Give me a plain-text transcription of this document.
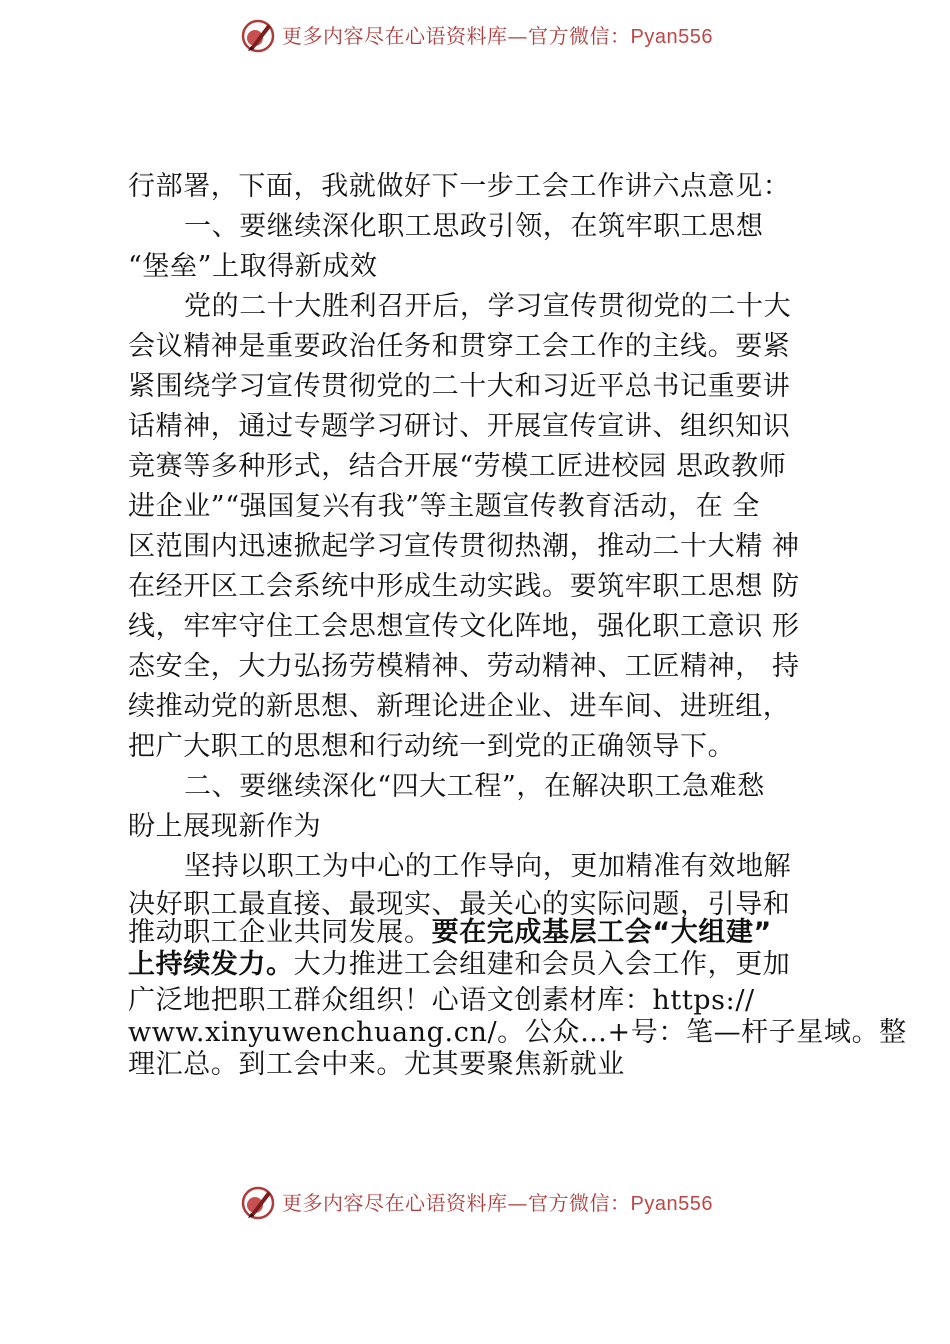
更多内容尽在心语资料库—官方微信：Pyan556
行部署，下面，我就做好下一步工会工作讲六点意见：
一、要继续深化职工思政引领，在筑牢职工思想
“堡垒”上取得新成效
党的二十大胜利召开后，学习宣传贯彻党的二十大
会议精神是重要政治任务和贯穿工会工作的主线。要紧
紧围绕学习宣传贯彻党的二十大和习近平总书记重要讲
话精神，通过专题学习研讨、开展宣传宣讲、组织知识
竞赛等多种形式，结合开展“劳模工匠进校园 思政教师
进企业”“强国复兴有我”等主题宣传教育活动，在 全
区范围内迅速掀起学习宣传贯彻热潮，推动二十大精 神
在经开区工会系统中形成生动实践。要筑牢职工思想 防
线，牢牢守住工会思想宣传文化阵地，强化职工意识 形
态安全，大力弘扬劳模精神、劳动精神、工匠精神， 持
续推动党的新思想、新理论进企业、进车间、进班组，
把广大职工的思想和行动统一到党的正确领导下。
二、要继续深化“四大工程”，在解决职工急难愁
盼上展现新作为
坚持以职工为中心的工作导向，更加精准有效地解
决好职工最直接、最现实、最关心的实际问题，引导和
推动职工企业共同发展。要在完成基层工会“大组建”
上持续发力。大力推进工会组建和会员入会工作，更加
广泛地把职工群众组织！心语文创素材库：https://
www.xinyuwenchuang.cn/。公众…+号：笔—杆子星域。整
理汇总。到工会中来。尤其要聚焦新就业
更多内容尽在心语资料库—官方微信：Pyan556
